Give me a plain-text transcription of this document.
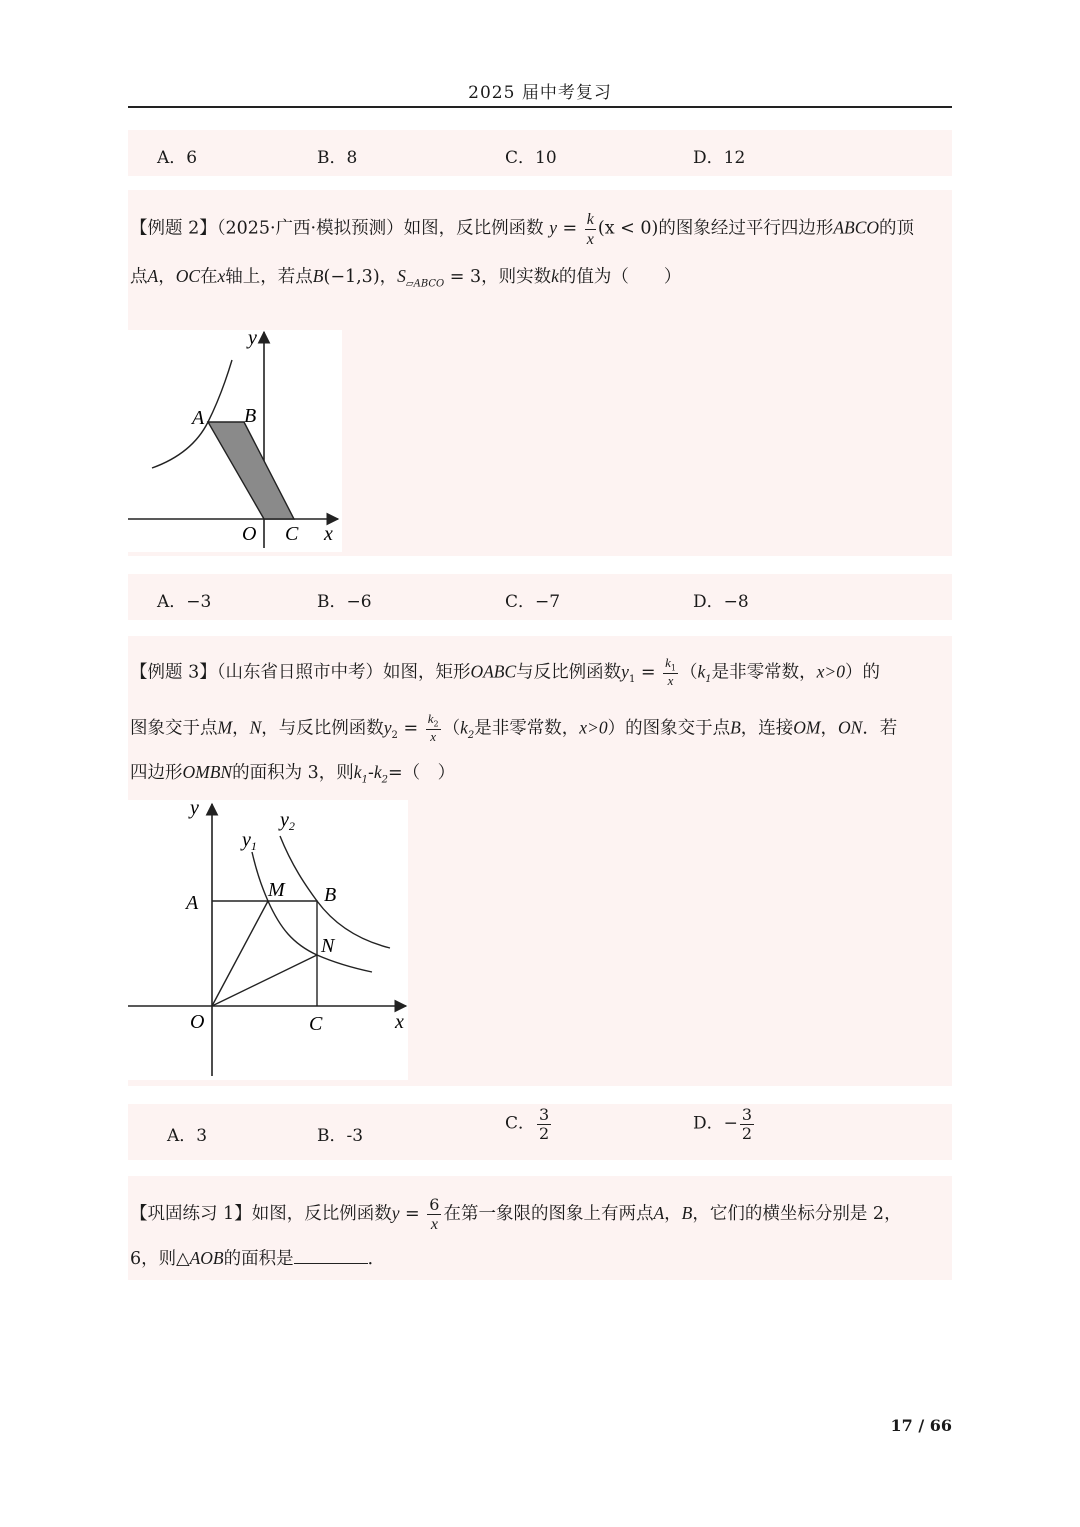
2025 届中考复习
A．6	B．8	C．10	D．12
【例题 2】（2025·广西·模拟预测）如图，反比例函数 $y = \frac{k}{x} (x < 0)$的图象经过平行四边形ABCO的顶
点A，OC在x轴上，若点B(−1,3)，$S_{▱ABCO} = 3$，则实数k的值为（　　）
y
x
A B
O C
A．−3	B．−6	C．−7	D．−8
【例题 3】（山东省日照市中考）如图，矩形OABC与反比例函数$y_1 = \frac{k_1}{x} (k_1$是非零常数，x>0）的
图象交于点M，N，与反比例函数$y_2 = \frac{k_2}{x} (k_2$是非零常数，x>0）的图象交于点B，连接OM，ON．若
四边形OMBN的面积为 3，则$k_1-k_2=$（　）
y
x
$y_1$
$y_2$
A
M B
N
O	C
A．3	B．-3
C． $\frac{3}{2}$	D．− $\frac{3}{2}$
【巩固练习 1】如图，反比例函数$y = \frac{6}{x}$ 在第一象限的图象上有两点A，B，它们的横坐标分别是 2，
6，则△AOB的面积是	．
17 / 66
